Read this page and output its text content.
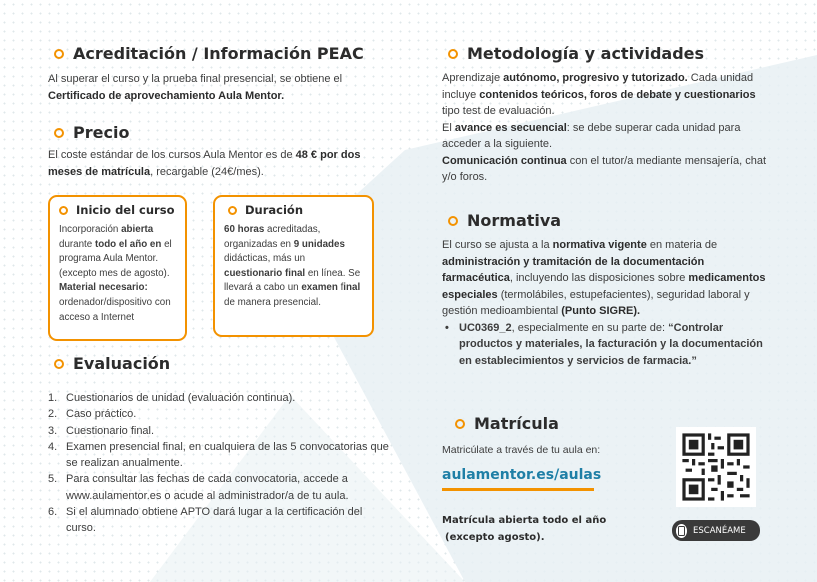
Acreditación / Información PEAC

Al superar el curso y la prueba final presencial, se obtiene el Certificado de aprovechamiento Aula Mentor.

Precio

El coste estándar de los cursos Aula Mentor es de 48 € por dos meses de matrícula, recargable (24€/mes).

Inicio del curso
Incorporación abierta durante todo el año en el programa Aula Mentor. (excepto mes de agosto).
Material necesario: ordenador/dispositivo con acceso a Internet
Duración
60 horas acreditadas, organizadas en 9 unidades didácticas, más un cuestionario final en línea. Se llevará a cabo un examen final de manera presencial.
Evaluación
1. Cuestionarios de unidad (evaluación continua).
2. Caso práctico.
3. Cuestionario final.
4. Examen presencial final, en cualquiera de las 5 convocatorias que se realizan anualmente.
5. Para consultar las fechas de cada convocatoria, accede a www.aulamentor.es o acude al administrador/a de tu aula.
6. Si el alumnado obtiene APTO dará lugar a la certificación del curso.
Metodología y actividades
Aprendizaje autónomo, progresivo y tutorizado. Cada unidad incluye contenidos teóricos, foros de debate y cuestionarios tipo test de evaluación.
El avance es secuencial: se debe superar cada unidad para acceder a la siguiente.
Comunicación continua con el tutor/a mediante mensajería, chat y/o foros.
Normativa

El curso se ajusta a la normativa vigente en materia de administración y tramitación de la documentación farmacéutica, incluyendo las disposiciones sobre medicamentos especiales (termolábiles, estupefacientes), seguridad laboral y gestión medioambiental (Punto SIGRE).

• UC0369_2, especialmente en su parte de: “Controlar productos y materiales, la facturación y la documentación en establecimientos y servicios de farmacia.”
Matrícula

Matricúlate a través de tu aula en:

aulamentor.es/aulas
Matrícula abierta todo el año
(excepto agosto).
ESCANÉAME
